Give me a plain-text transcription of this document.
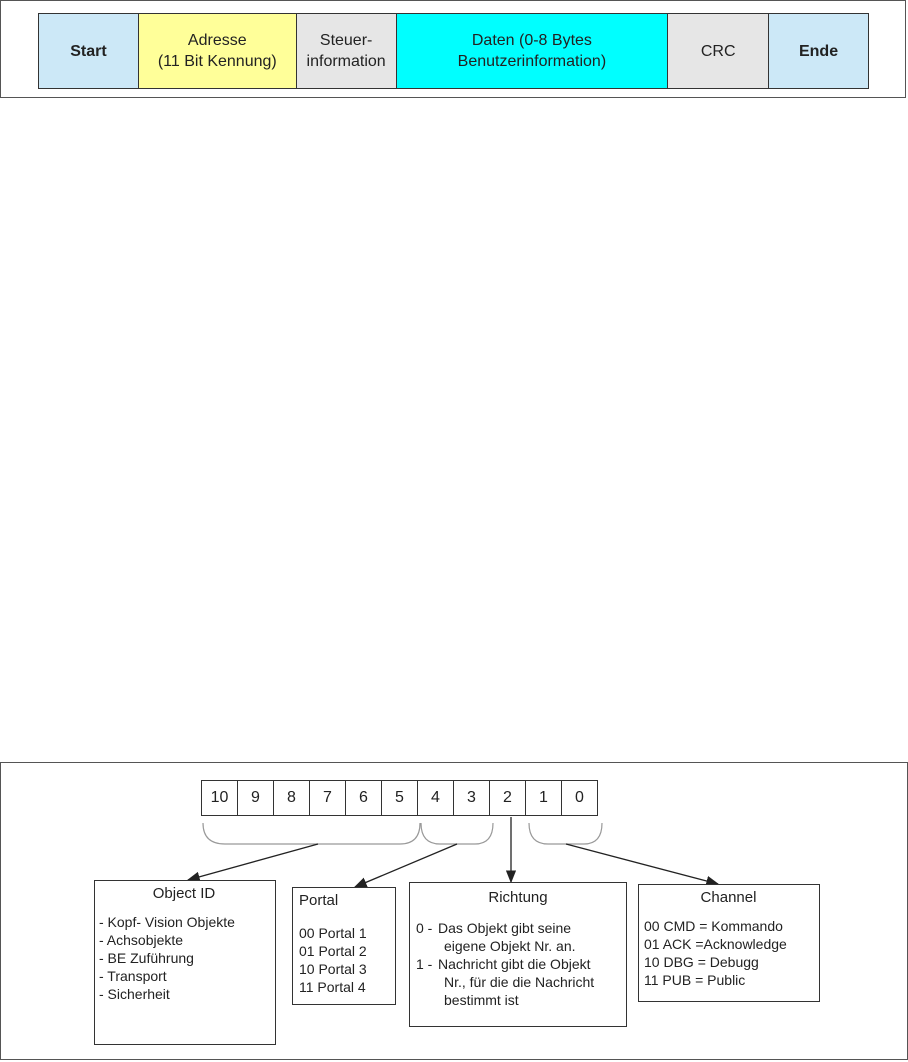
Start
Adresse
(11 Bit Kennung)
Steuer-
information
Daten (0-8 Bytes
Benutzerinformation)
CRC	Ende
10	9	8	7	6	5	4	3	2	1	0
Object ID
- Kopf- Vision Objekte
- Achsobjekte
- BE Zuführung
- Transport
- Sicherheit
Portal
00 Portal 1
01 Portal 2
10 Portal 3
11 Portal 4
Richtung
0 - Das Objekt gibt seine
eigene Objekt Nr. an.
1 - Nachricht gibt die Objekt
Nr., für die die Nachricht
bestimmt ist
Channel
00 CMD = Kommando
01 ACK =Acknowledge
10 DBG = Debugg
11 PUB = Public
